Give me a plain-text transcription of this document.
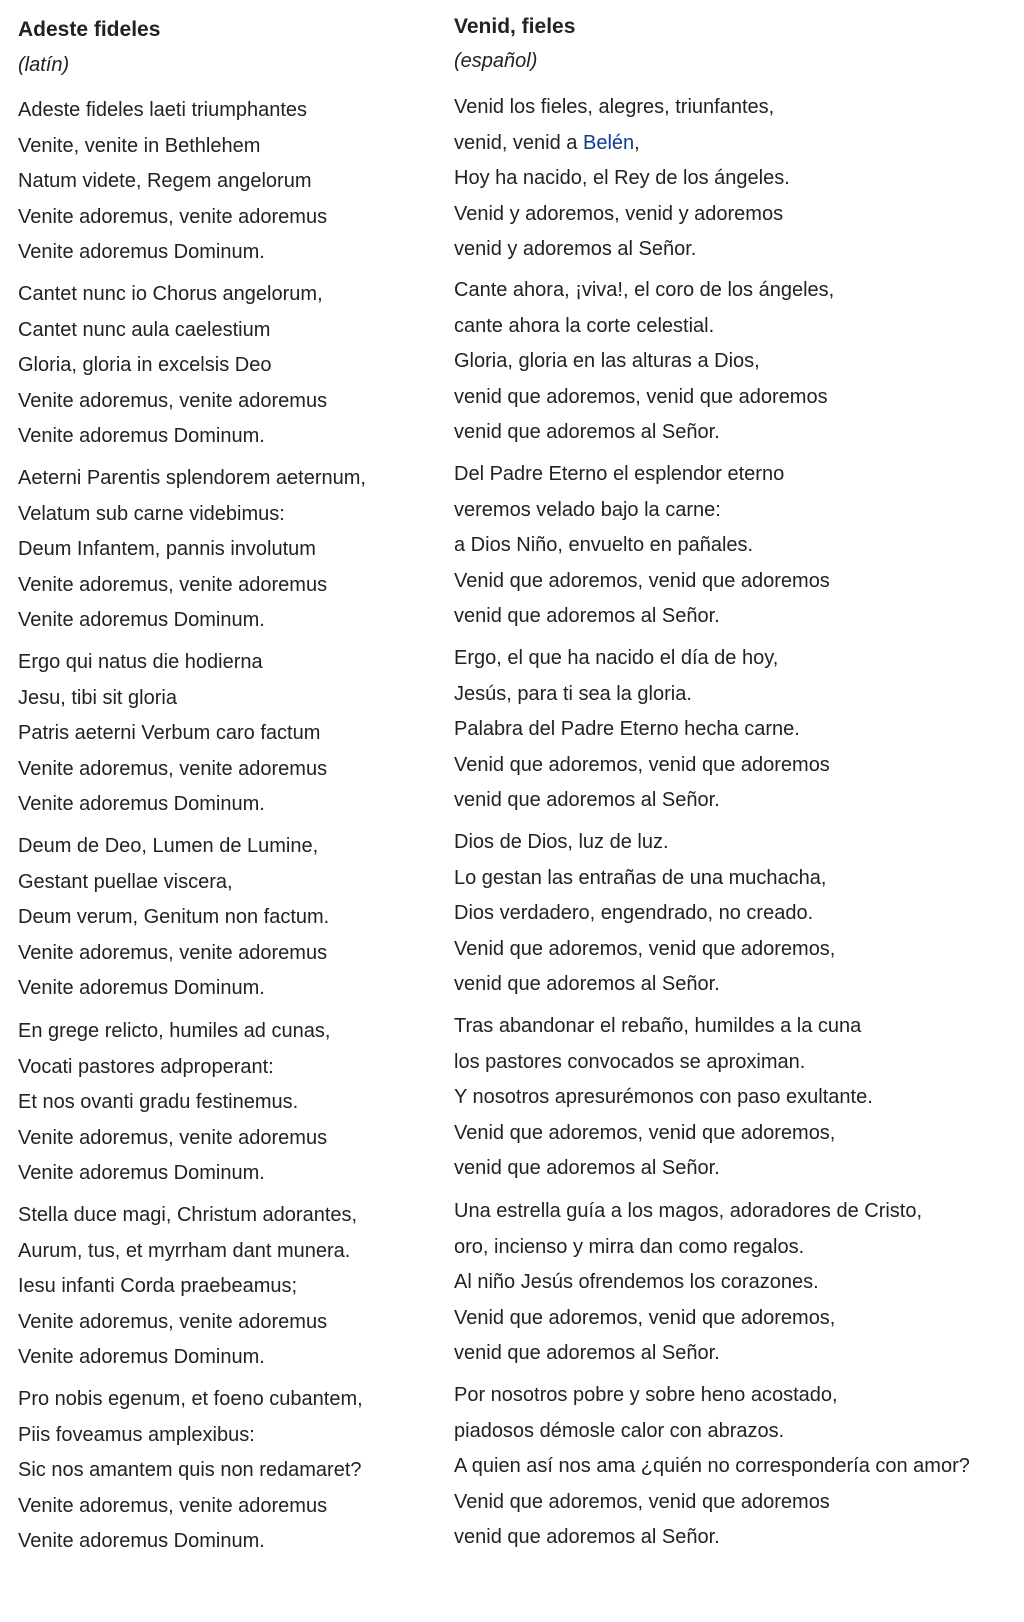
Adeste fideles
(latín)
Adeste fideles laeti triumphantes
Venite, venite in Bethlehem
Natum videte, Regem angelorum
Venite adoremus, venite adoremus
Venite adoremus Dominum.
Cantet nunc io Chorus angelorum,
Cantet nunc aula caelestium
Gloria, gloria in excelsis Deo
Venite adoremus, venite adoremus
Venite adoremus Dominum.
Aeterni Parentis splendorem aeternum,
Velatum sub carne videbimus:
Deum Infantem, pannis involutum
Venite adoremus, venite adoremus
Venite adoremus Dominum.
Ergo qui natus die hodierna
Jesu, tibi sit gloria
Patris aeterni Verbum caro factum
Venite adoremus, venite adoremus
Venite adoremus Dominum.
Deum de Deo, Lumen de Lumine,
Gestant puellae viscera,
Deum verum, Genitum non factum.
Venite adoremus, venite adoremus
Venite adoremus Dominum.
En grege relicto, humiles ad cunas,
Vocati pastores adproperant:
Et nos ovanti gradu festinemus.
Venite adoremus, venite adoremus
Venite adoremus Dominum.
Stella duce magi, Christum adorantes,
Aurum, tus, et myrrham dant munera.
Iesu infanti Corda praebeamus;
Venite adoremus, venite adoremus
Venite adoremus Dominum.
Pro nobis egenum, et foeno cubantem,
Piis foveamus amplexibus:
Sic nos amantem quis non redamaret?
Venite adoremus, venite adoremus
Venite adoremus Dominum.
Venid, fieles
(español)
Venid los fieles, alegres, triunfantes,
venid, venid a Belén,
Hoy ha nacido, el Rey de los ángeles.
Venid y adoremos, venid y adoremos
venid y adoremos al Señor.
Cante ahora, ¡viva!, el coro de los ángeles,
cante ahora la corte celestial.
Gloria, gloria en las alturas a Dios,
venid que adoremos, venid que adoremos
venid que adoremos al Señor.
Del Padre Eterno el esplendor eterno
veremos velado bajo la carne:
a Dios Niño, envuelto en pañales.
Venid que adoremos, venid que adoremos
venid que adoremos al Señor.
Ergo, el que ha nacido el día de hoy,
Jesús, para ti sea la gloria.
Palabra del Padre Eterno hecha carne.
Venid que adoremos, venid que adoremos
venid que adoremos al Señor.
Dios de Dios, luz de luz.
Lo gestan las entrañas de una muchacha,
Dios verdadero, engendrado, no creado.
Venid que adoremos, venid que adoremos,
venid que adoremos al Señor.
Tras abandonar el rebaño, humildes a la cuna
los pastores convocados se aproximan.
Y nosotros apresurémonos con paso exultante.
Venid que adoremos, venid que adoremos,
venid que adoremos al Señor.
Una estrella guía a los magos, adoradores de Cristo,
oro, incienso y mirra dan como regalos.
Al niño Jesús ofrendemos los corazones.
Venid que adoremos, venid que adoremos,
venid que adoremos al Señor.
Por nosotros pobre y sobre heno acostado,
piadosos démosle calor con abrazos.
A quien así nos ama ¿quién no correspondería con amor?
Venid que adoremos, venid que adoremos
venid que adoremos al Señor.
